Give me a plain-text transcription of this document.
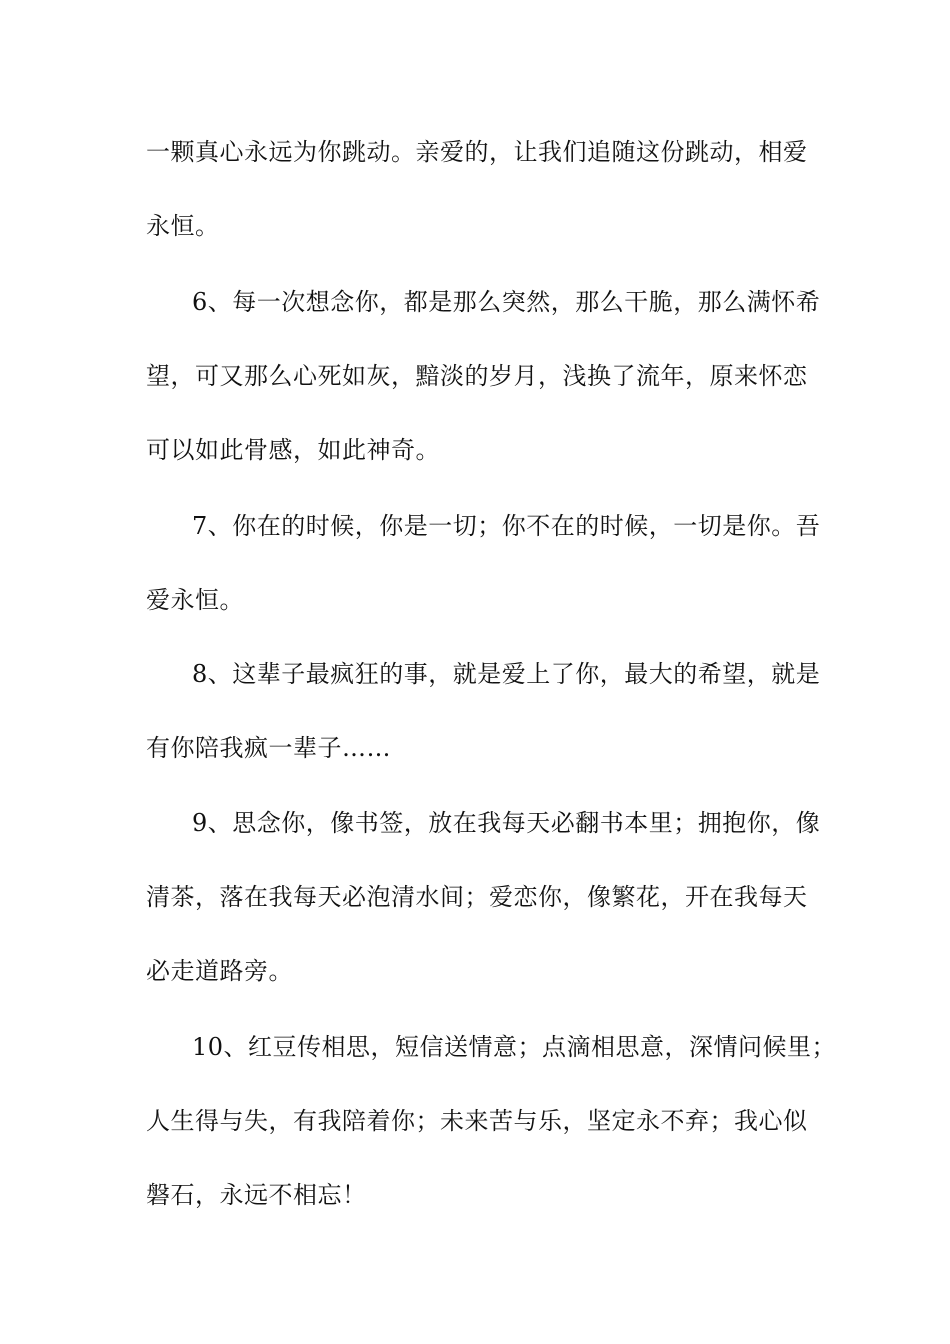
一颗真心永远为你跳动。亲爱的，让我们追随这份跳动，相爱
永恒。
6、每一次想念你，都是那么突然，那么干脆，那么满怀希
望，可又那么心死如灰，黯淡的岁月，浅换了流年，原来怀恋
可以如此骨感，如此神奇。
7、你在的时候，你是一切；你不在的时候，一切是你。吾
爱永恒。
8、这辈子最疯狂的事，就是爱上了你，最大的希望，就是
有你陪我疯一辈子……
9、思念你，像书签，放在我每天必翻书本里；拥抱你，像
清茶，落在我每天必泡清水间；爱恋你，像繁花，开在我每天
必走道路旁。
10、红豆传相思，短信送情意；点滴相思意，深情问候里；
人生得与失，有我陪着你；未来苦与乐，坚定永不弃；我心似
磐石，永远不相忘！
